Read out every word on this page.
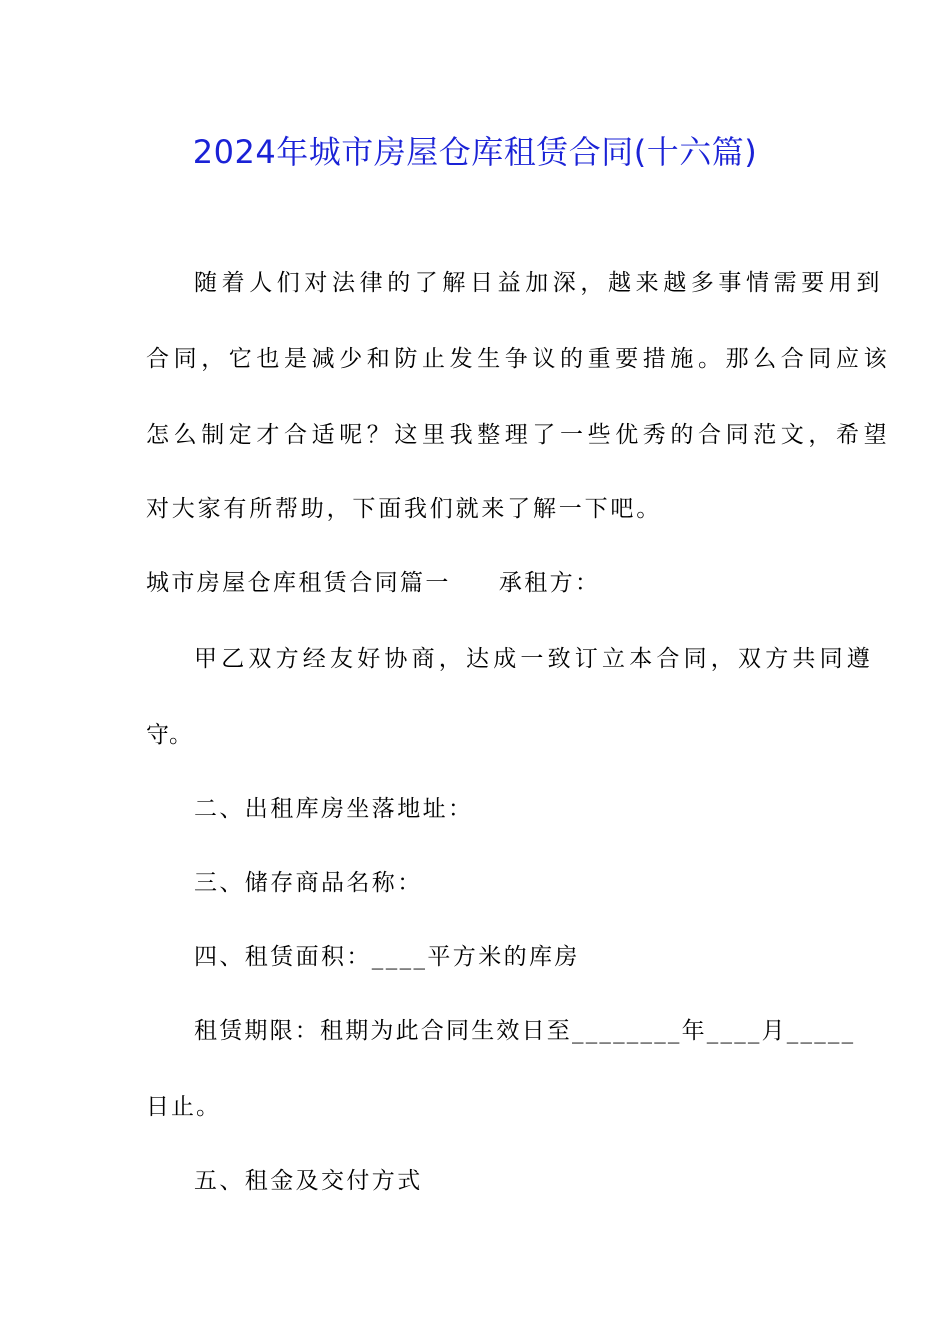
2024年城市房屋仓库租赁合同(十六篇)
随着人们对法律的了解日益加深，越来越多事情需要用到
合同，它也是减少和防止发生争议的重要措施。那么合同应该
怎么制定才合适呢？这里我整理了一些优秀的合同范文，希望
对大家有所帮助，下面我们就来了解一下吧。
城市房屋仓库租赁合同篇一 承租方：
甲乙双方经友好协商，达成一致订立本合同，双方共同遵
守。
二、出租库房坐落地址：
三、储存商品名称：
四、租赁面积：____平方米的库房
租赁期限：租期为此合同生效日至________年____月_____
日止。
五、租金及交付方式
